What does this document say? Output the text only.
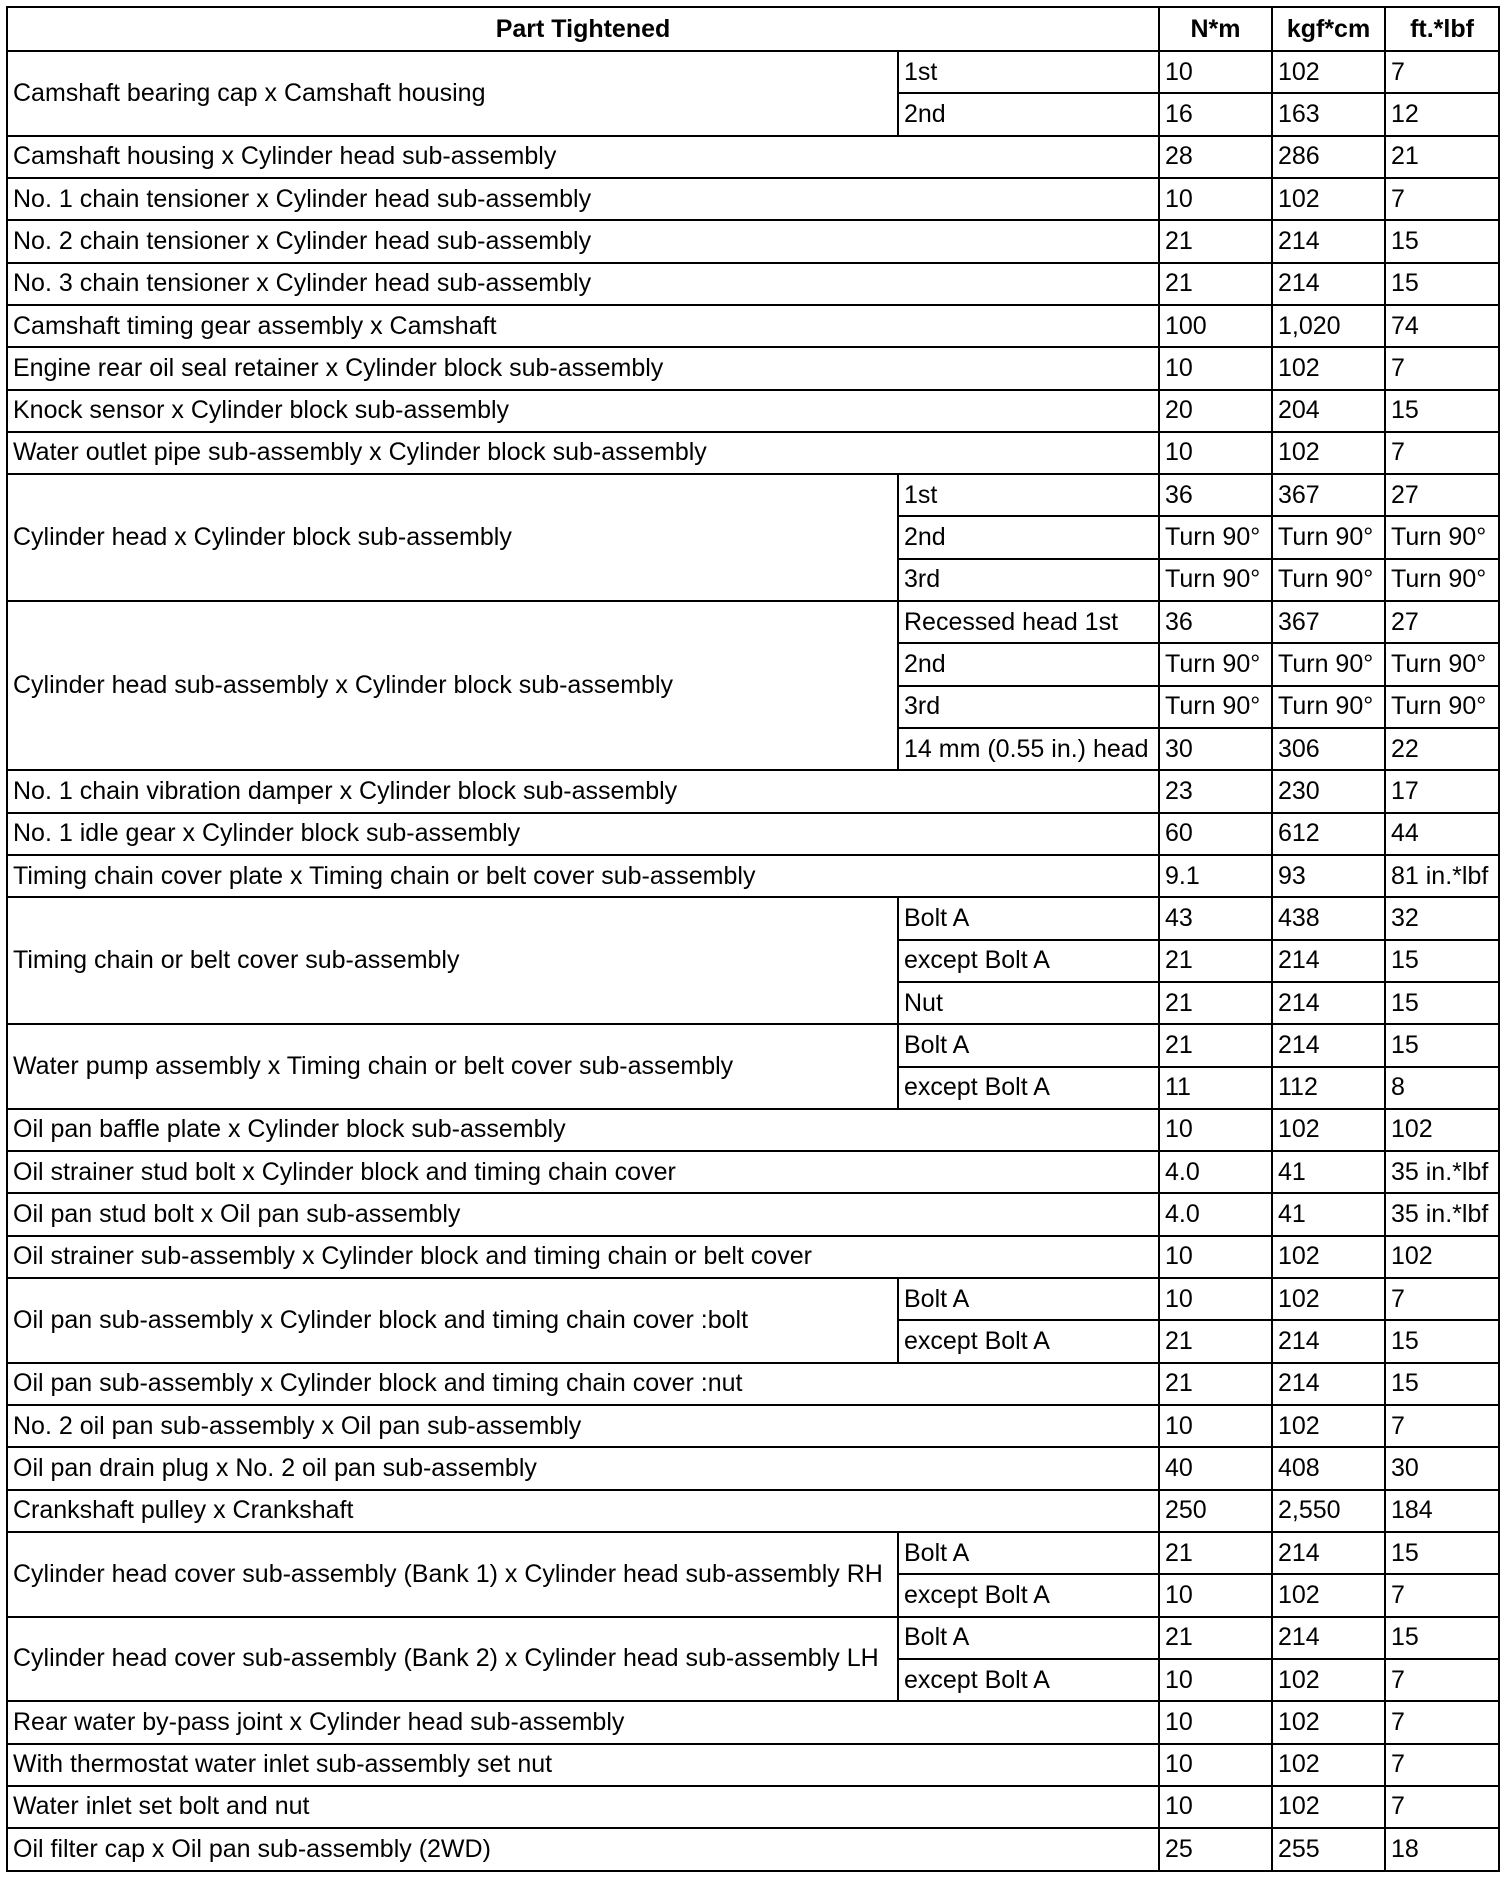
Part Tightened		N*m	kgf*cm	ft.*lbf
Camshaft bearing cap x Camshaft housing	1st	10	102	7
	2nd	16	163	12
Camshaft housing x Cylinder head sub-assembly		28	286	21
No. 1 chain tensioner x Cylinder head sub-assembly		10	102	7
No. 2 chain tensioner x Cylinder head sub-assembly		21	214	15
No. 3 chain tensioner x Cylinder head sub-assembly		21	214	15
Camshaft timing gear assembly x Camshaft		100	1,020	74
Engine rear oil seal retainer x Cylinder block sub-assembly		10	102	7
Knock sensor x Cylinder block sub-assembly		20	204	15
Water outlet pipe sub-assembly x Cylinder block sub-assembly		10	102	7
Cylinder head x Cylinder block sub-assembly	1st	36	367	27
	2nd	Turn 90°	Turn 90°	Turn 90°
	3rd	Turn 90°	Turn 90°	Turn 90°
Cylinder head sub-assembly x Cylinder block sub-assembly	Recessed head 1st	36	367	27
	2nd	Turn 90°	Turn 90°	Turn 90°
	3rd	Turn 90°	Turn 90°	Turn 90°
	14 mm (0.55 in.) head	30	306	22
No. 1 chain vibration damper x Cylinder block sub-assembly		23	230	17
No. 1 idle gear x Cylinder block sub-assembly		60	612	44
Timing chain cover plate x Timing chain or belt cover sub-assembly		9.1	93	81 in.*lbf
Timing chain or belt cover sub-assembly	Bolt A	43	438	32
	except Bolt A	21	214	15
	Nut	21	214	15
Water pump assembly x Timing chain or belt cover sub-assembly	Bolt A	21	214	15
	except Bolt A	11	112	8
Oil pan baffle plate x Cylinder block sub-assembly		10	102	102
Oil strainer stud bolt x Cylinder block and timing chain cover		4.0	41	35 in.*lbf
Oil pan stud bolt x Oil pan sub-assembly		4.0	41	35 in.*lbf
Oil strainer sub-assembly x Cylinder block and timing chain or belt cover		10	102	102
Oil pan sub-assembly x Cylinder block and timing chain cover :bolt	Bolt A	10	102	7
	except Bolt A	21	214	15
Oil pan sub-assembly x Cylinder block and timing chain cover :nut		21	214	15
No. 2 oil pan sub-assembly x Oil pan sub-assembly		10	102	7
Oil pan drain plug x No. 2 oil pan sub-assembly		40	408	30
Crankshaft pulley x Crankshaft		250	2,550	184
Cylinder head cover sub-assembly (Bank 1) x Cylinder head sub-assembly RH	Bolt A	21	214	15
	except Bolt A	10	102	7
Cylinder head cover sub-assembly (Bank 2) x Cylinder head sub-assembly LH	Bolt A	21	214	15
	except Bolt A	10	102	7
Rear water by-pass joint x Cylinder head sub-assembly		10	102	7
With thermostat water inlet sub-assembly set nut		10	102	7
Water inlet set bolt and nut		10	102	7
Oil filter cap x Oil pan sub-assembly (2WD)		25	255	18
